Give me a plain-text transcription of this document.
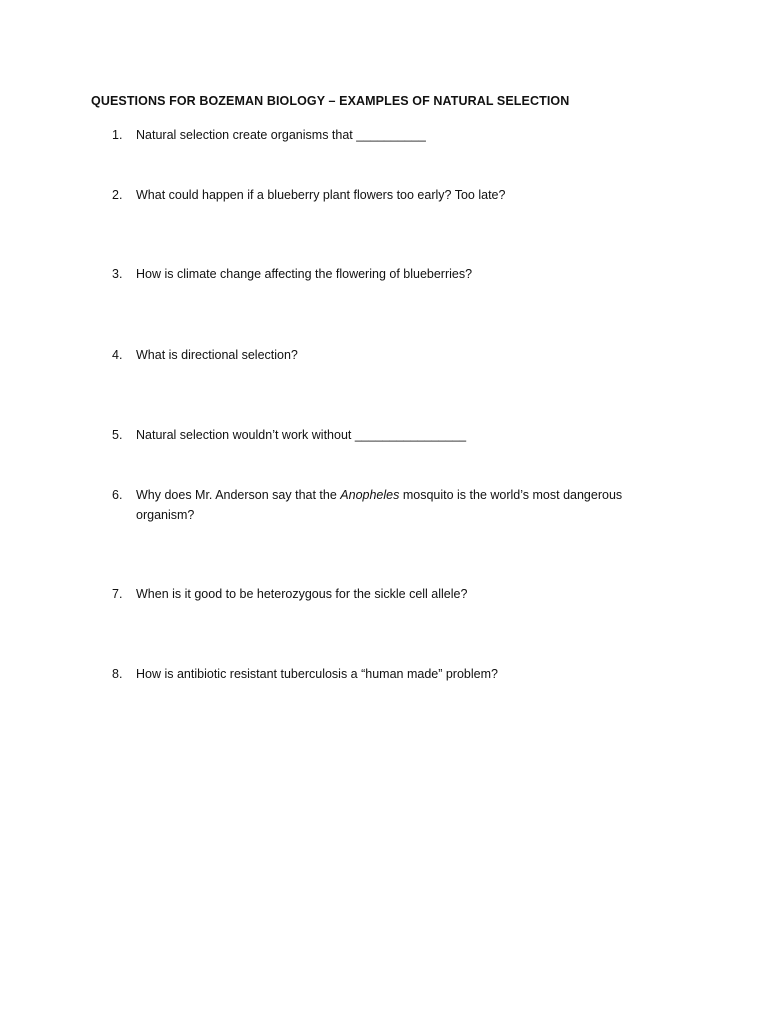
QUESTIONS FOR BOZEMAN BIOLOGY – EXAMPLES OF NATURAL SELECTION
1.	Natural selection create organisms that __________
2.	What could happen if a blueberry plant flowers too early? Too late?
3.	How is climate change affecting the flowering of blueberries?
4.	What is directional selection?
5.	Natural selection wouldn’t work without ________________
6.	Why does Mr. Anderson say that the Anopheles mosquito is the world’s most dangerous organism?
7.	When is it good to be heterozygous for the sickle cell allele?
8.	How is antibiotic resistant tuberculosis a “human made” problem?
